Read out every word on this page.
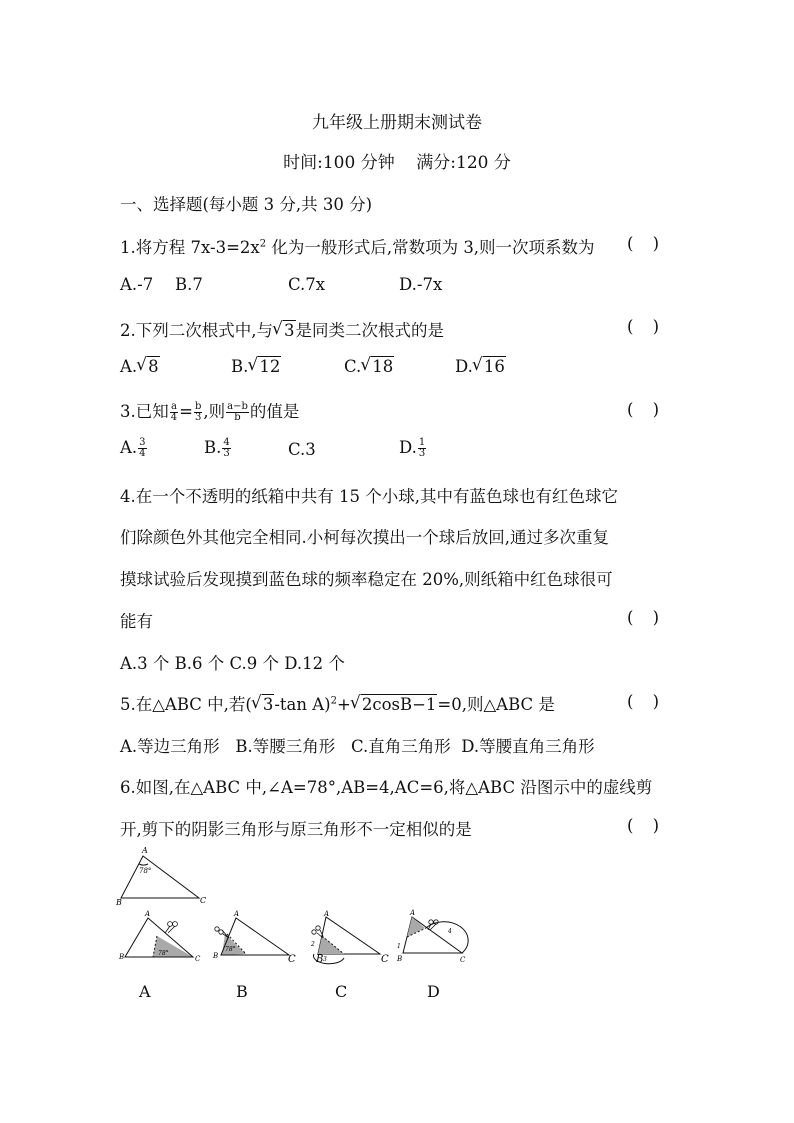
九年级上册期末测试卷
时间:100 分钟    满分:120 分
一、选择题(每小题 3 分,共 30 分)
1.将方程 $7x-3=2x^2$ 化为一般形式后,常数项为 3,则一次项系数为 ( )
A.-7 B.7	C.7x	D.-7x
2.下列二次根式中,与 √ 3是同类二次根式的是	( )
A. √ 8	B. √ 12	C. √ 18	D. √ 16
3.已知 $\frac{a}{4} = \frac{b}{3}$ ,则 $\frac{a-b}{b}$ 的值是	( )
A. $\frac{3}{4}$	B. $\frac{4}{3}$	C.3	D. $\frac{1}{3}$
4.在一个不透明的纸箱中共有 15 个小球,其中有蓝色球也有红色球它
们除颜色外其他完全相同.小柯每次摸出一个球后放回,通过多次重复
摸球试验后发现摸到蓝色球的频率稳定在 20%,则纸箱中红色球很可
能有	( )
A.3 个 B.6 个 C.9 个 D.12 个
5.在△ABC 中,若( √ 3-tan A)$^2$+ √ 2cosB−1=0,则△ABC 是	( )
A.等边三角形   B.等腰三角形   C.直角三角形  D.等腰直角三角形
6.如图,在△ABC 中,∠A=78°,AB=4,AC=6,将△ABC 沿图示中的虚线剪
开,剪下的阴影三角形与原三角形不一定相似的是	( )
A
B	C
78°
A
B	C
78°
A
B	C
78°
B	C
A
2
3
A
B	C
1
4
A	B	C	D
